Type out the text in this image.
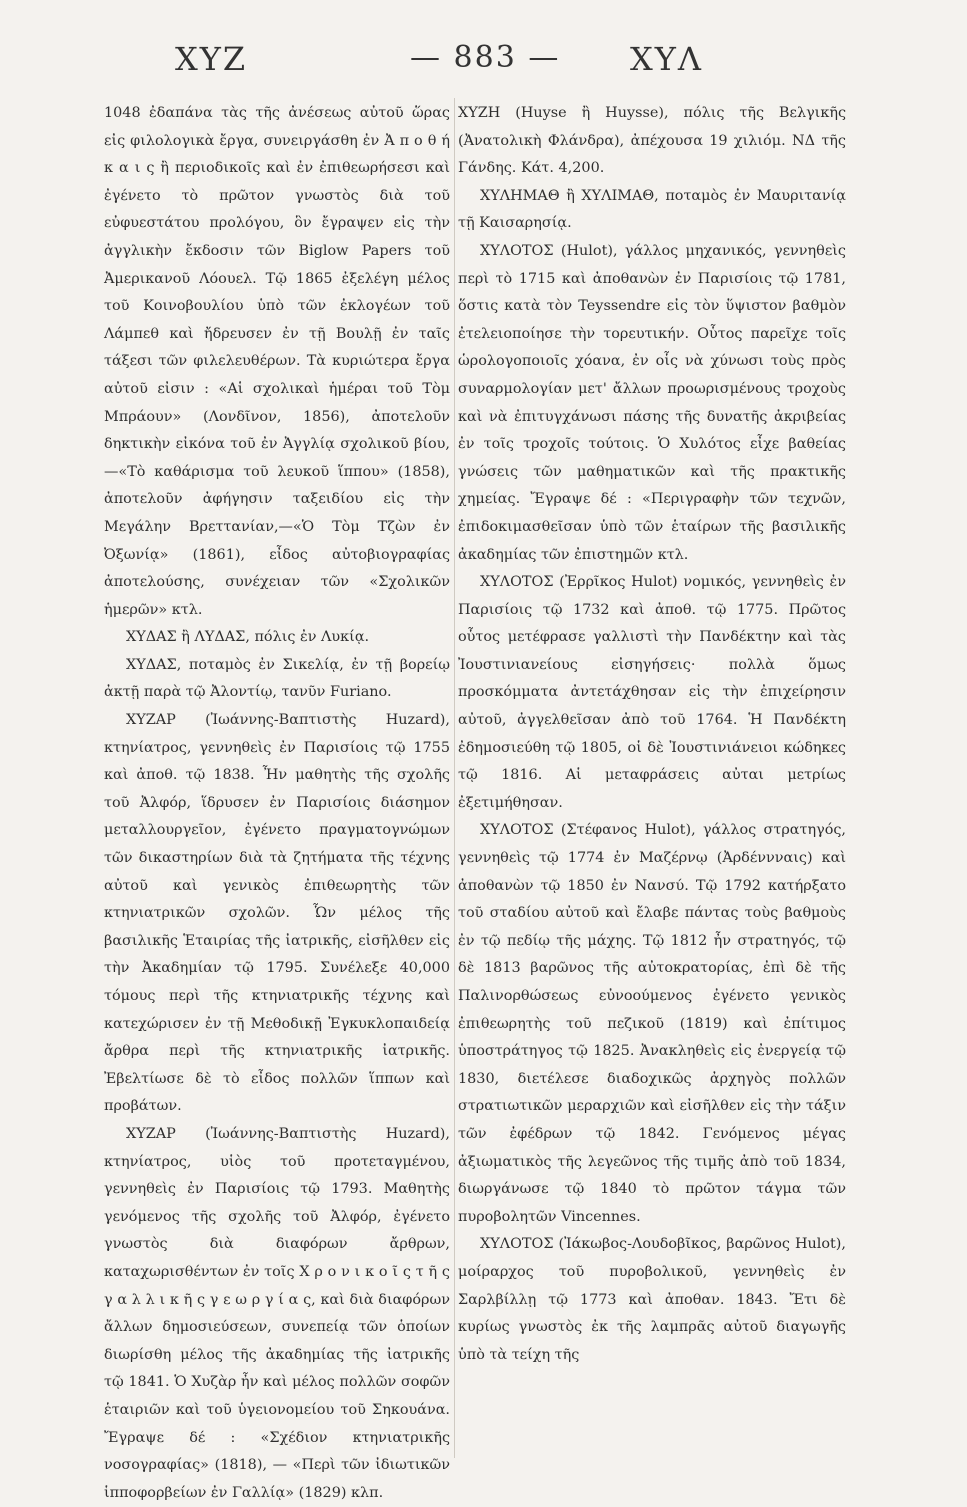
ΧΥΖ	— 883 — ΧΥΛ

1048 ἐδαπάνα τὰς τῆς ἀνέσεως αὐτοῦ ὥρας εἰς φιλολογικὰ ἔργα, συνειργάσθη ἐν Ἀ π ο θ ή κ α ι ς ἢ περιοδικοῖς καὶ ἐν ἐπιθεωρήσεσι καὶ ἐγένετο τὸ πρῶτον γνωστὸς διὰ τοῦ εὐφυεστάτου προλόγου, ὃν ἔγραψεν εἰς τὴν ἀγγλικὴν ἔκδοσιν τῶν Biglow Papers τοῦ Ἀμερικανοῦ Λόουελ. Τῷ 1865 ἐξελέγη μέλος τοῦ Κοινοβουλίου ὑπὸ τῶν ἐκλογέων τοῦ Λάμπεθ καὶ ἤδρευσεν ἐν τῇ Βουλῇ ἐν ταῖς τάξεσι τῶν φιλελευθέρων. Τὰ κυριώτερα ἔργα αὐτοῦ εἰσιν : «Αἱ σχολικαὶ ἡμέραι τοῦ Τὸμ Μπράουν» (Λονδῖνον, 1856), ἀποτελοῦν δηκτικὴν εἰκόνα τοῦ ἐν Ἀγγλίᾳ σχολικοῦ βίου,—«Τὸ καθάρισμα τοῦ λευκοῦ ἵππου» (1858), ἀποτελοῦν ἀφήγησιν ταξειδίου εἰς τὴν Μεγάλην Βρεττανίαν,—«Ὁ Τὸμ Τζὼν ἐν Ὀξωνίᾳ» (1861), εἶδος αὐτοβιογραφίας ἀποτελούσης, συνέχειαν τῶν «Σχολικῶν ἡμερῶν» κτλ.

ΧΥΔΑΣ ἢ ΛΥΔΑΣ, πόλις ἐν Λυκίᾳ.

ΧΥΔΑΣ, ποταμὸς ἐν Σικελίᾳ, ἐν τῇ βορείῳ ἀκτῇ παρὰ τῷ Ἀλοντίῳ, τανῦν Furiano.

ΧΥΖΑΡ (Ἰωάννης-Βαπτιστὴς Huzard), κτηνίατρος, γεννηθεὶς ἐν Παρισίοις τῷ 1755 καὶ ἀποθ. τῷ 1838. Ἦν μαθητὴς τῆς σχολῆς τοῦ Ἀλφόρ, ἵδρυσεν ἐν Παρισίοις διάσημον μεταλλουργεῖον, ἐγένετο πραγματογνώμων τῶν δικαστηρίων διὰ τὰ ζητήματα τῆς τέχνης αὐτοῦ καὶ γενικὸς ἐπιθεωρητὴς τῶν κτηνιατρικῶν σχολῶν. Ὧν μέλος τῆς βασιλικῆς Ἑταιρίας τῆς ἰατρικῆς, εἰσῆλθεν εἰς τὴν Ἀκαδημίαν τῷ 1795. Συνέλεξε 40,000 τόμους περὶ τῆς κτηνιατρικῆς τέχνης καὶ κατεχώρισεν ἐν τῇ Μεθοδικῇ Ἐγκυκλοπαιδείᾳ ἄρθρα περὶ τῆς κτηνιατρικῆς ἰατρικῆς. Ἐβελτίωσε δὲ τὸ εἶδος πολλῶν ἵππων καὶ προβάτων.

ΧΥΖΑΡ (Ἰωάννης-Βαπτιστὴς Huzard), κτηνίατρος, υἱὸς τοῦ προτεταγμένου, γεννηθεὶς ἐν Παρισίοις τῷ 1793. Μαθητὴς γενόμενος τῆς σχολῆς τοῦ Ἀλφόρ, ἐγένετο γνωστὸς διὰ διαφόρων ἄρθρων, καταχωρισθέντων ἐν τοῖς Χ ρ ο ν ι κ ο ῖ ς τ ῆ ς γ α λ λ ι κ ῆ ς γ ε ω ρ γ ί α ς, καὶ διὰ διαφόρων ἄλλων δημοσιεύσεων, συνεπείᾳ τῶν ὁποίων διωρίσθη μέλος τῆς ἀκαδημίας τῆς ἰατρικῆς τῷ 1841. Ὁ Χυζὰρ ἦν καὶ μέλος πολλῶν σοφῶν ἑταιριῶν καὶ τοῦ ὑγειονομείου τοῦ Σηκουάνα. Ἔγραψε δέ : «Σχέδιον κτηνιατρικῆς νοσογραφίας» (1818), — «Περὶ τῶν ἰδιωτικῶν ἱπποφορβείων ἐν Γαλλίᾳ» (1829) κλπ.

ΧΥΖΗ (Huyse ἢ Huysse), πόλις τῆς Βελγικῆς (Ἀνατολικὴ Φλάνδρα), ἀπέχουσα 19 χιλιόμ. ΝΔ τῆς Γάνδης. Κάτ. 4,200.

ΧΥΛΗΜΑΘ ἢ ΧΥΛΙΜΑΘ, ποταμὸς ἐν Μαυριτανίᾳ τῇ Καισαρησίᾳ.

ΧΥΛΟΤΟΣ (Hulot), γάλλος μηχανικός, γεννηθεὶς περὶ τὸ 1715 καὶ ἀποθανὼν ἐν Παρισίοις τῷ 1781, ὅστις κατὰ τὸν Teyssendre εἰς τὸν ὕψιστον βαθμὸν ἐτελειοποίησε τὴν τορευτικήν. Οὗτος παρεῖχε τοῖς ὡρολογοποιοῖς χόανα, ἐν οἷς νὰ χύνωσι τοὺς πρὸς συναρμολογίαν μετ' ἄλλων προωρισμένους τροχοὺς καὶ νὰ ἐπιτυγχάνωσι πάσης τῆς δυνατῆς ἀκριβείας ἐν τοῖς τροχοῖς τούτοις. Ὁ Χυλότος εἶχε βαθείας γνώσεις τῶν μαθηματικῶν καὶ τῆς πρακτικῆς χημείας. Ἔγραψε δέ : «Περιγραφὴν τῶν τεχνῶν, ἐπιδοκιμασθεῖσαν ὑπὸ τῶν ἑταίρων τῆς βασιλικῆς ἀκαδημίας τῶν ἐπιστημῶν κτλ.

ΧΥΛΟΤΟΣ (Ἐρρῖκος Hulot) νομικός, γεννηθεὶς ἐν Παρισίοις τῷ 1732 καὶ ἀποθ. τῷ 1775. Πρῶτος οὗτος μετέφρασε γαλλιστὶ τὴν Πανδέκτην καὶ τὰς Ἰουστινιανείους εἰσηγήσεις· πολλὰ ὅμως προσκόμματα ἀντετάχθησαν εἰς τὴν ἐπιχείρησιν αὐτοῦ, ἀγγελθεῖσαν ἀπὸ τοῦ 1764. Ἡ Πανδέκτη ἐδημοσιεύθη τῷ 1805, οἱ δὲ Ἰουστινιάνειοι κώδηκες τῷ 1816. Αἱ μεταφράσεις αὐται μετρίως ἐξετιμήθησαν.

ΧΥΛΟΤΟΣ (Στέφανος Hulot), γάλλος στρατηγός, γεννηθεὶς τῷ 1774 ἐν Μαζέρνῳ (Ἀρδέννναις) καὶ ἀποθανὼν τῷ 1850 ἐν Νανσύ. Τῷ 1792 κατήρξατο τοῦ σταδίου αὐτοῦ καὶ ἔλαβε πάντας τοὺς βαθμοὺς ἐν τῷ πεδίῳ τῆς μάχης. Τῷ 1812 ἦν στρατηγός, τῷ δὲ 1813 βαρῶνος τῆς αὐτοκρατορίας, ἐπὶ δὲ τῆς Παλινορθώσεως εὐνοούμενος ἐγένετο γενικὸς ἐπιθεωρητὴς τοῦ πεζικοῦ (1819) καὶ ἐπίτιμος ὑποστράτηγος τῷ 1825. Ἀνακληθεὶς εἰς ἐνεργείᾳ τῷ 1830, διετέλεσε διαδοχικῶς ἀρχηγὸς πολλῶν στρατιωτικῶν μεραρχιῶν καὶ εἰσῆλθεν εἰς τὴν τάξιν τῶν ἐφέδρων τῷ 1842. Γενόμενος μέγας ἀξιωματικὸς τῆς λεγεῶνος τῆς τιμῆς ἀπὸ τοῦ 1834, διωργάνωσε τῷ 1840 τὸ πρῶτον τάγμα τῶν πυροβολητῶν Vincennes.

ΧΥΛΟΤΟΣ (Ἰάκωβος-Λουδοβῖκος, βαρῶνος Hulot), μοίραρχος τοῦ πυροβολικοῦ, γεννηθεὶς ἐν Σαρλβίλλῃ τῷ 1773 καὶ ἀποθαν. 1843. Ἔτι δὲ κυρίως γνωστὸς ἐκ τῆς λαμπρᾶς αὐτοῦ διαγωγῆς ὑπὸ τὰ τείχη τῆς
